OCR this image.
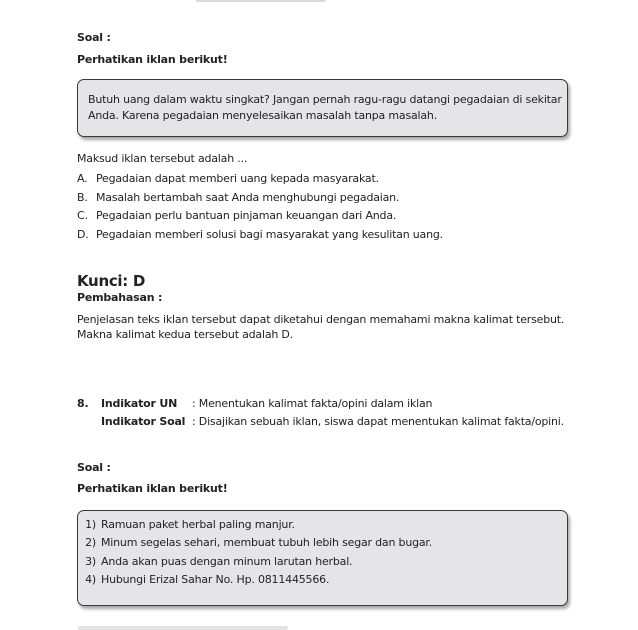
Soal :
Perhatikan iklan berikut!
Butuh uang dalam waktu singkat? Jangan pernah ragu-ragu datangi pegadaian di sekitar
Anda. Karena pegadaian menyelesaikan masalah tanpa masalah.
Maksud iklan tersebut adalah ...
A. Pegadaian dapat memberi uang kepada masyarakat.
B. Masalah bertambah saat Anda menghubungi pegadaian.
C. Pegadaian perlu bantuan pinjaman keuangan dari Anda.
D. Pegadaian memberi solusi bagi masyarakat yang kesulitan uang.
Kunci: D
Pembahasan :
Penjelasan teks iklan tersebut dapat diketahui dengan memahami makna kalimat tersebut.
Makna kalimat kedua tersebut adalah D.
8. Indikator UN : Menentukan kalimat fakta/opini dalam iklan
Indikator Soal : Disajikan sebuah iklan, siswa dapat menentukan kalimat fakta/opini.
Soal :
Perhatikan iklan berikut!
1) Ramuan paket herbal paling manjur.
2) Minum segelas sehari, membuat tubuh lebih segar dan bugar.
3) Anda akan puas dengan minum larutan herbal.
4) Hubungi Erizal Sahar No. Hp. 0811445566.
